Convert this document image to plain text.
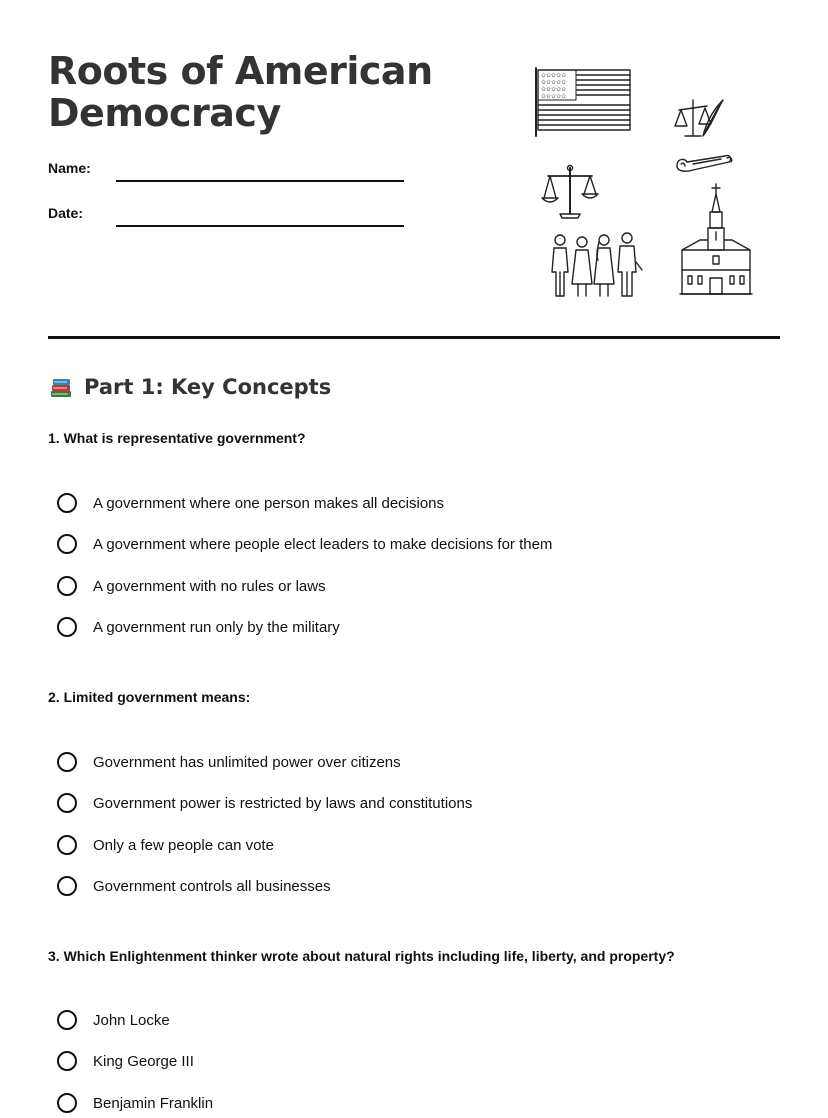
Roots of American Democracy
Name:
Date:
✩✩✩✩✩
✩✩✩✩✩
✩✩✩✩✩
✩✩✩✩✩
Part 1: Key Concepts

1. What is representative government?

A government where one person makes all decisions
A government where people elect leaders to make decisions for them
A government with no rules or laws
A government run only by the military

2. Limited government means:

Government has unlimited power over citizens
Government power is restricted by laws and constitutions
Only a few people can vote
Government controls all businesses

3. Which Enlightenment thinker wrote about natural rights including life, liberty, and property?

John Locke
King George III
Benjamin Franklin
